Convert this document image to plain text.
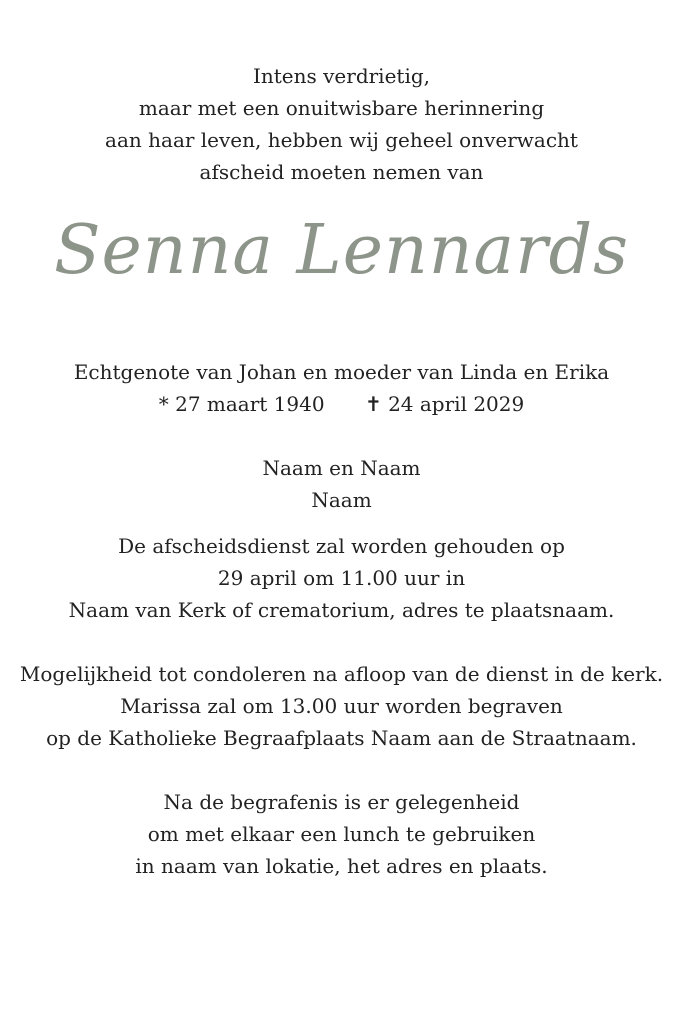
Intens verdrietig,
maar met een onuitwisbare herinnering
aan haar leven, hebben wij geheel onverwacht
afscheid moeten nemen van
Senna Lennards
Echtgenote van Johan en moeder van Linda en Erika
* 27 maart 1940 ✝ 24 april 2029
Naam en Naam
Naam
De afscheidsdienst zal worden gehouden op
29 april om 11.00 uur in
Naam van Kerk of crematorium, adres te plaatsnaam.
Mogelijkheid tot condoleren na afloop van de dienst in de kerk.
Marissa zal om 13.00 uur worden begraven
op de Katholieke Begraafplaats Naam aan de Straatnaam.
Na de begrafenis is er gelegenheid
om met elkaar een lunch te gebruiken
in naam van lokatie, het adres en plaats.
